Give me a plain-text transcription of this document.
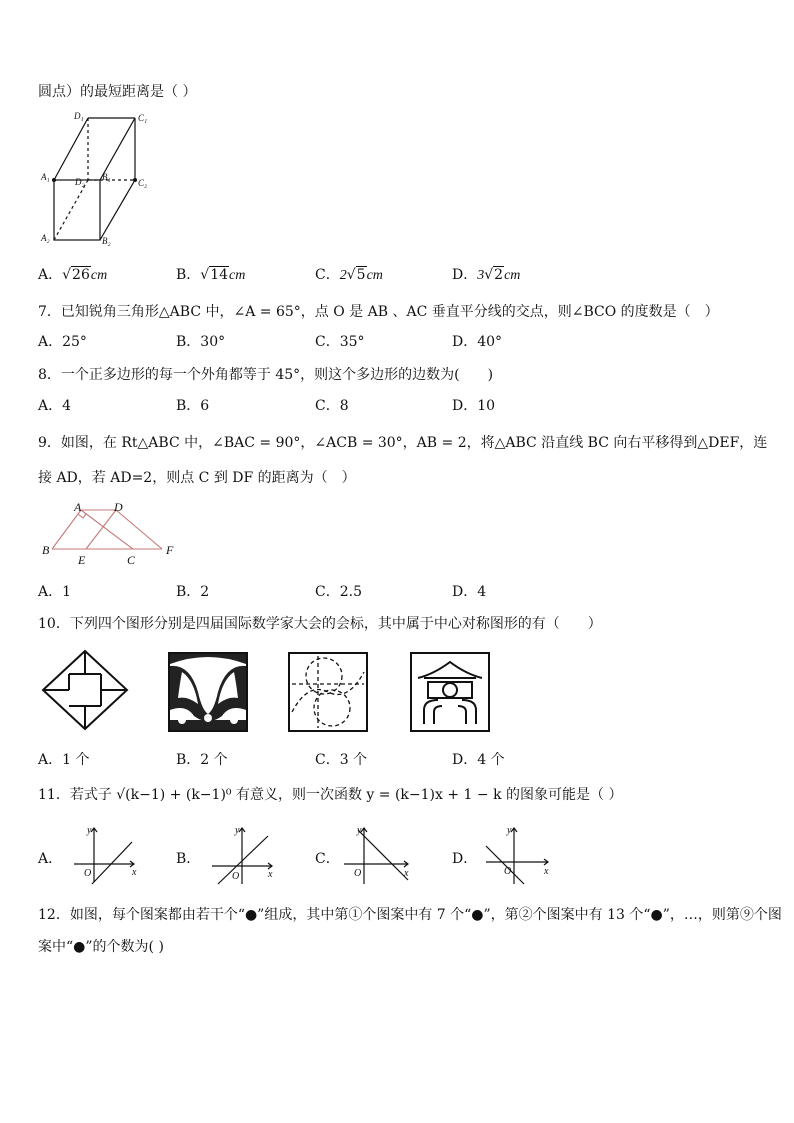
圆点）的最短距离是（ ）
D₁	C₁
A₁	D₂ B₁
C₂
A₂	B₂
A．√26cm	B．√14cm	C．2√5cm	D．3√2cm
7．已知锐角三角形△ABC 中，∠A = 65°，点 O 是 AB 、AC 垂直平分线的交点，则∠BCO 的度数是（　）
A．25°	B．30°	C．35°	D．40°
8．一个正多边形的每一个外角都等于 45°，则这个多边形的边数为(　　)
A．4	B．6	C．8	D．10
9．如图，在 Rt△ABC 中，∠BAC = 90°，∠ACB = 30°，AB = 2，将△ABC 沿直线 BC 向右平移得到△DEF，连
接 AD，若 AD=2，则点 C 到 DF 的距离为（　）
A	D
B
E	C
F
A．1	B．2	C．2.5	D．4
10．下列四个图形分别是四届国际数学家大会的会标，其中属于中心对称图形的有（　　）
A．1 个	B．2 个	C．3 个	D．4 个
11．若式子 √(k−1) + (k−1)⁰ 有意义，则一次函数 y = (k−1)x + 1 − k 的图象可能是（ ）
A．
y
x
O
B．
y
x
O
C．
y
x
O
D．
y
x
O
12．如图，每个图案都由若干个“●”组成，其中第①个图案中有 7 个“●”，第②个图案中有 13 个“●”，…，则第⑨个图
案中“●”的个数为( )
